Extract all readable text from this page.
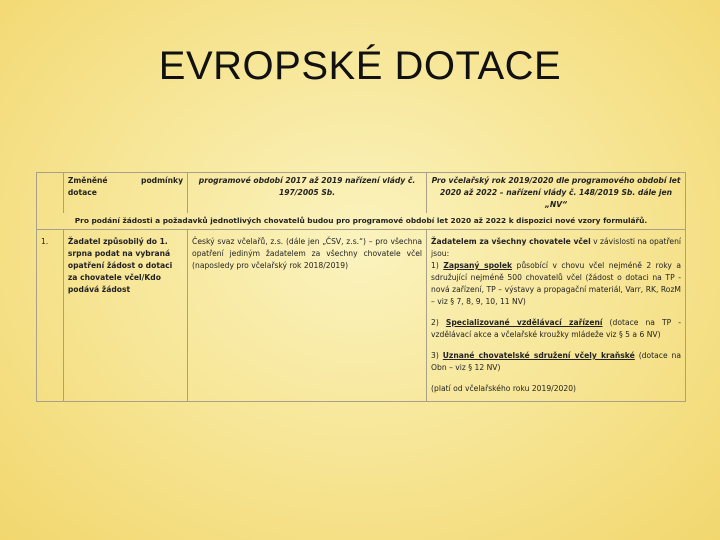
EVROPSKÉ DOTACE
	Změněné podmínky dotace	programové období 2017 až 2019 nařízení vlády č. 197/2005 Sb.	Pro včelařský rok 2019/2020 dle programového období let 2020 až 2022 – nařízení vlády č. 148/2019 Sb. dále jen „NV“
Pro podání žádosti a požadavků jednotlivých chovatelů budou pro programové období let 2020 až 2022 k dispozici nové vzory formulářů.			
1.	Žadatel způsobilý do 1. srpna podat na vybraná opatření žádost o dotaci za chovatele včel/Kdo podává žádost	Český svaz včelařů, z.s. (dále jen „ČSV, z.s.“) – pro všechna opatření jediným žadatelem za všechny chovatele včel (naposledy pro včelařský rok 2018/2019)	Žadatelem za všechny chovatele včel v závislosti na opatření jsou:
1) Zapsaný spolek působící v chovu včel nejméně 2 roky a sdružující nejméně 500 chovatelů včel (žádost o dotaci na TP - nová zařízení, TP – výstavy a propagační materiál, Varr, RK, RozM – viz § 7, 8, 9, 10, 11 NV)

2) Specializované vzdělávací zařízení (dotace na TP - vzdělávací akce a včelařské kroužky mládeže viz § 5 a 6 NV)

3) Uznané chovatelské sdružení včely kraňské (dotace na Obn – viz § 12 NV)

(platí od včelařského roku 2019/2020)
